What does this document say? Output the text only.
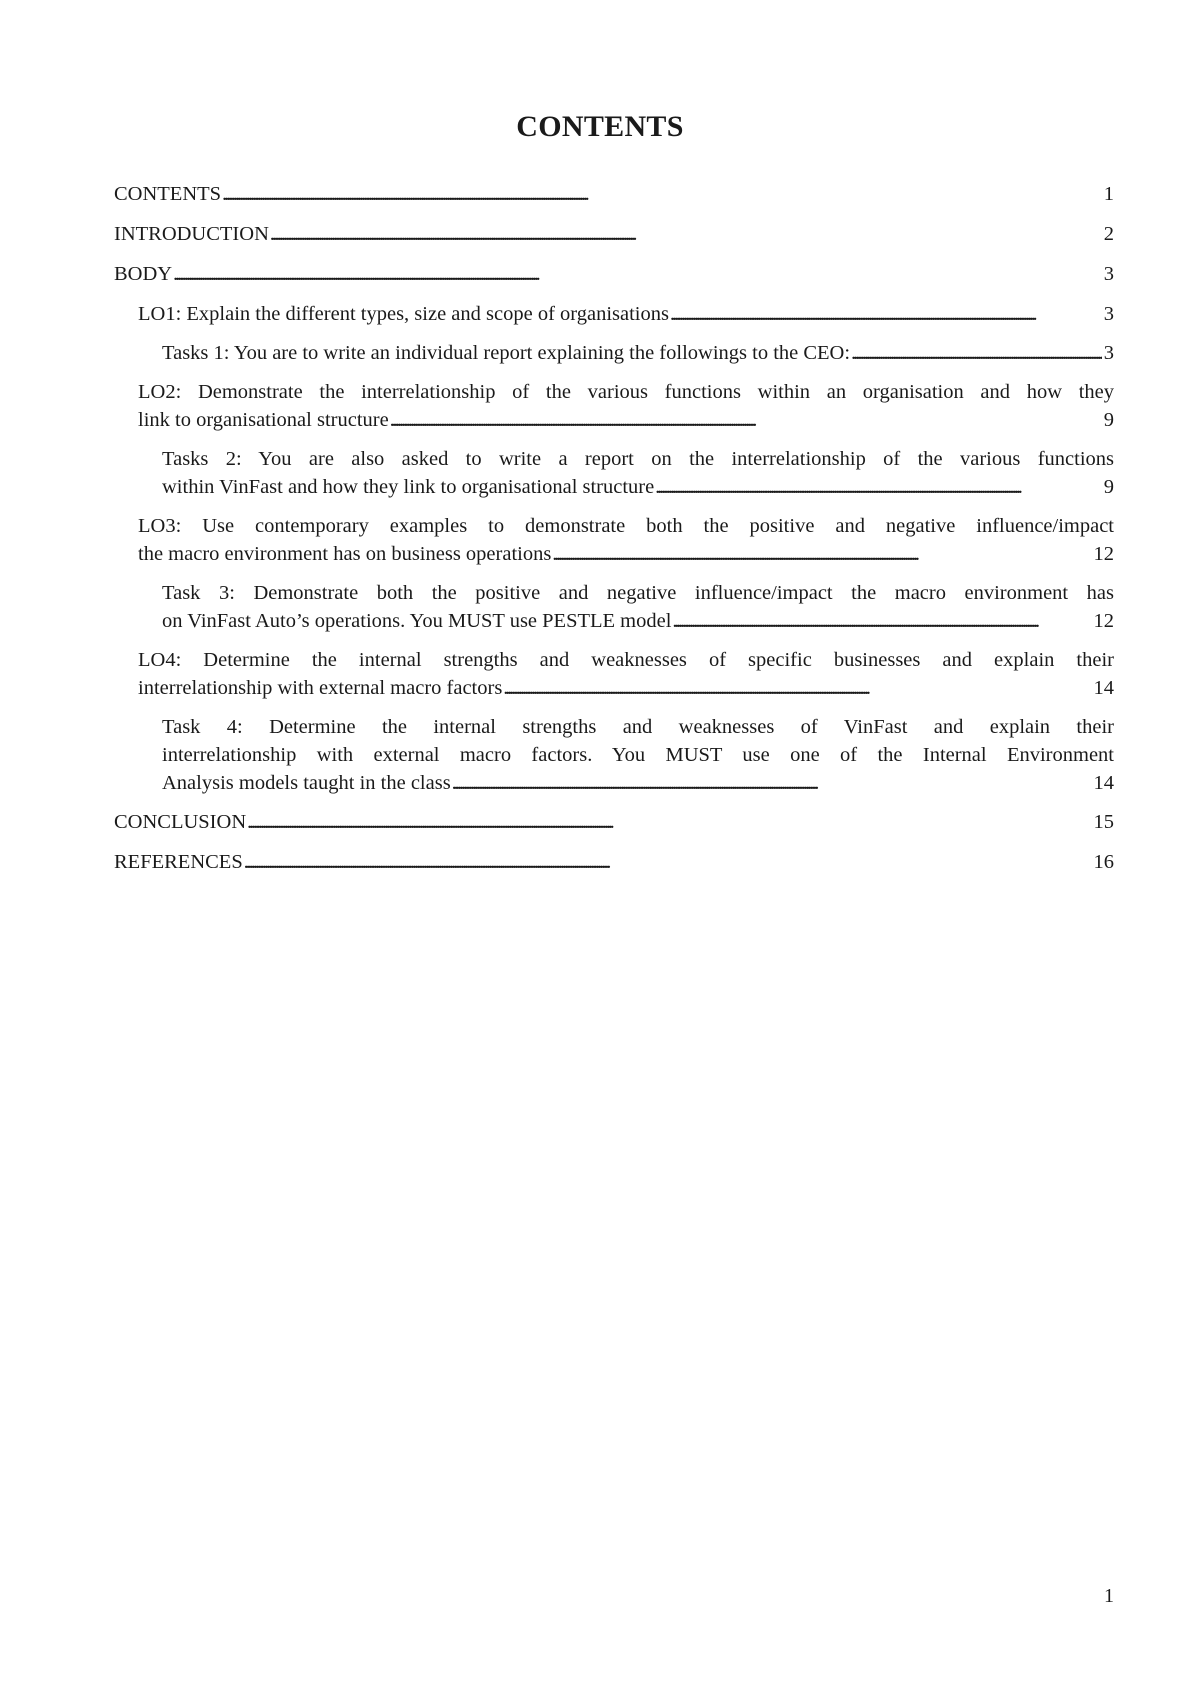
CONTENTS
CONTENTS . . .	1
INTRODUCTION . . .	2
BODY . . .	3
LO1: Explain the different types, size and scope of organisations . . .	3
Tasks 1: You are to write an individual report explaining the followings to the CEO: . . .	3
LO2: Demonstrate the interrelationship of the various functions within an organisation and how they
link to organisational structure . . .	9
Tasks 2: You are also asked to write a report on the interrelationship of the various functions
within VinFast and how they link to organisational structure . . .	9
LO3: Use contemporary examples to demonstrate both the positive and negative influence/impact
the macro environment has on business operations . . .	12
Task 3: Demonstrate both the positive and negative influence/impact the macro environment has
on VinFast Auto’s operations. You MUST use PESTLE model . . .	12
LO4: Determine the internal strengths and weaknesses of specific businesses and explain their
interrelationship with external macro factors . . .	14
Task 4: Determine the internal strengths and weaknesses of VinFast and explain their
interrelationship with external macro factors. You MUST use one of the Internal Environment
Analysis models taught in the class . . .	14
CONCLUSION . . .	15
REFERENCES . . .	16
1
